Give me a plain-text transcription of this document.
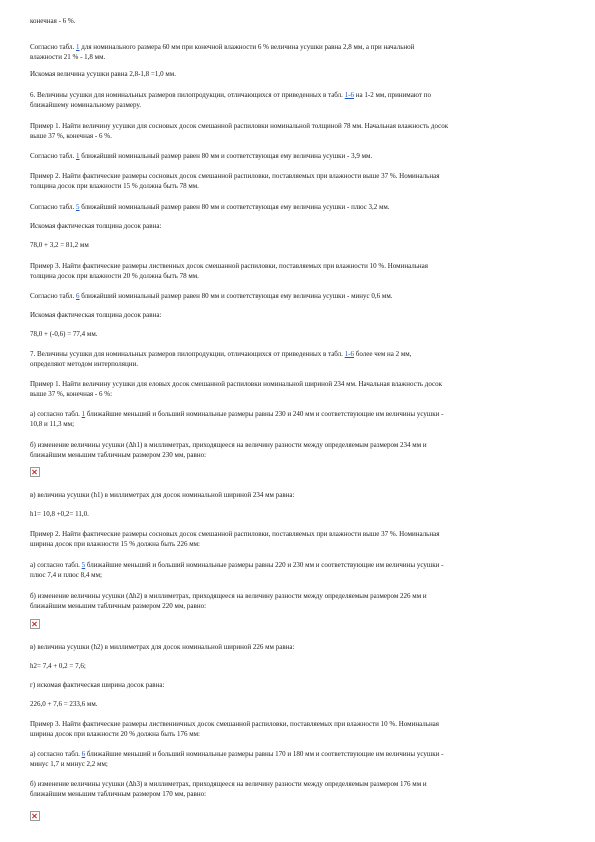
конечная - 6 %.
Согласно табл. 1 для номинального размера 60 мм при конечной влажности 6 % величина усушки равна 2,8 мм, а при начальной
влажности 21 % - 1,8 мм.
Искомая величина усушки равна 2,8-1,8 =1,0 мм.
6. Величины усушки для номинальных размеров пилопродукции, отличающихся от приведенных в табл. 1-6 на 1-2 мм, принимают по
ближайшему номинальному размеру.
Пример 1. Найти величину усушки для сосновых досок смешанной распиловки номинальной толщиной 78 мм. Начальная влажность досок
выше 37 %, конечная - 6 %.
Согласно табл. 1 ближайший номинальный размер равен 80 мм и соответствующая ему величина усушки - 3,9 мм.
Пример 2. Найти фактические размеры сосновых досок смешанной распиловки, поставляемых при влажности выше 37 %. Номинальная
толщина досок при влажности 15 % должна быть 78 мм.
Согласно табл. 5 ближайший номинальный размер равен 80 мм и соответствующая ему величина усушки - плюс 3,2 мм.
Искомая фактическая толщина досок равна:
78,0 + 3,2 = 81,2 мм
Пример 3. Найти фактические размеры лиственных досок смешанной распиловки, поставляемых при влажности 10 %. Номинальная
толщина досок при влажности 20 % должна быть 78 мм.
Согласно табл. 6 ближайший номинальный размер равен 80 мм и соответствующая ему величина усушки - минус 0,6 мм.
Искомая фактическая толщина досок равна:
78,0 + (-0,6) = 77,4 мм.
7. Величины усушки для номинальных размеров пилопродукции, отличающихся от приведенных в табл. 1-6 более чем на 2 мм,
определяют методом интерполяции.
Пример 1. Найти величину усушки для еловых досок смешанной распиловки номинальной шириной 234 мм. Начальная влажность досок
выше 37 %, конечная - 6 %:
а) согласно табл. 1 ближайшие меньший и больший номинальные размеры равны 230 и 240 мм и соответствующие им величины усушки -
10,8 и 11,3 мм;
б) изменение величины усушки (Δh1) в миллиметрах, приходящееся на величину разности между определяемым размером 234 мм и
ближайшим меньшим табличным размером 230 мм, равно:
в) величина усушки (h1) в миллиметрах для досок номинальной шириной 234 мм равна:
h1= 10,8 +0,2= 11,0.
Пример 2. Найти фактические размеры сосновых досок смешанной распиловки, поставляемых при влажности выше 37 %. Номинальная
ширина досок при влажности 15 % должна быть 226 мм:
а) согласно табл. 5 ближайшие меньший и больший номинальные размеры равны 220 и 230 мм и соответствующие им величины усушки -
плюс 7,4 и плюс 8,4 мм;
б) изменение величины усушки (Δh2) в миллиметрах, приходящееся на величину разности между определяемым размером 226 мм и
ближайшим меньшим табличным размером 220 мм, равно:
в) величина усушки (h2) в миллиметрах для досок номинальной шириной 226 мм равна:
h2= 7,4 + 0,2 = 7,6;
г) искомая фактическая ширина досок равна:
226,0 + 7,6 = 233,6 мм.
Пример 3. Найти фактические размеры лиственничных досок смешанной распиловки, поставляемых при влажности 10 %. Номинальная
ширина досок при влажности 20 % должна быть 176 мм:
а) согласно табл. 6 ближайшие меньший и больший номинальные размеры равны 170 и 180 мм и соответствующие им величины усушки -
минус 1,7 и минус 2,2 мм;
б) изменение величины усушки (Δh3) в миллиметрах, приходящееся на величину разности между определяемым размером 176 мм и
ближайшим меньшим табличным размером 170 мм, равно:
